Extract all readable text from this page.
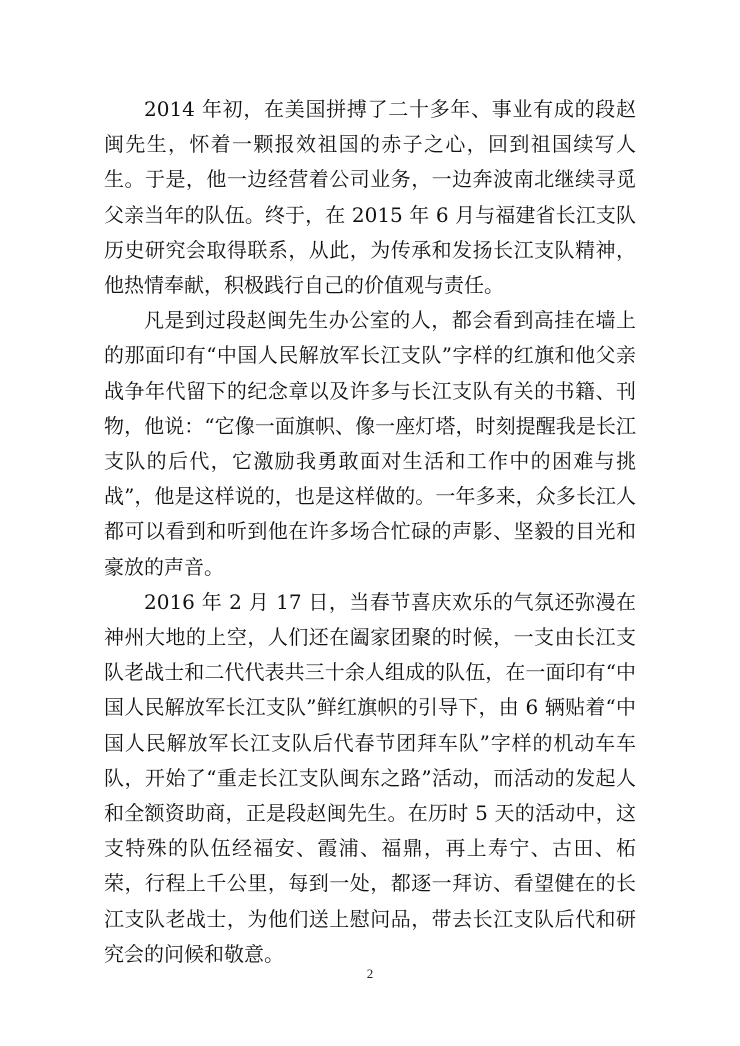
2014 年初，在美国拼搏了二十多年、事业有成的段赵闽先生，怀着一颗报效祖国的赤子之心，回到祖国续写人生。于是，他一边经营着公司业务，一边奔波南北继续寻觅父亲当年的队伍。终于，在 2015 年 6 月与福建省长江支队历史研究会取得联系，从此，为传承和发扬长江支队精神，他热情奉献，积极践行自己的价值观与责任。

凡是到过段赵闽先生办公室的人，都会看到高挂在墙上的那面印有“中国人民解放军长江支队”字样的红旗和他父亲战争年代留下的纪念章以及许多与长江支队有关的书籍、刊物，他说：“它像一面旗帜、像一座灯塔，时刻提醒我是长江支队的后代，它激励我勇敢面对生活和工作中的困难与挑战”，他是这样说的，也是这样做的。一年多来，众多长江人都可以看到和听到他在许多场合忙碌的声影、坚毅的目光和豪放的声音。

2016 年 2 月 17 日，当春节喜庆欢乐的气氛还弥漫在神州大地的上空，人们还在阖家团聚的时候，一支由长江支队老战士和二代代表共三十余人组成的队伍，在一面印有“中国人民解放军长江支队”鲜红旗帜的引导下，由 6 辆贴着“中国人民解放军长江支队后代春节团拜车队”字样的机动车车队，开始了“重走长江支队闽东之路”活动，而活动的发起人和全额资助商，正是段赵闽先生。在历时 5 天的活动中，这支特殊的队伍经福安、霞浦、福鼎，再上寿宁、古田、柘荣，行程上千公里，每到一处，都逐一拜访、看望健在的长江支队老战士，为他们送上慰问品，带去长江支队后代和研究会的问候和敬意。

2
